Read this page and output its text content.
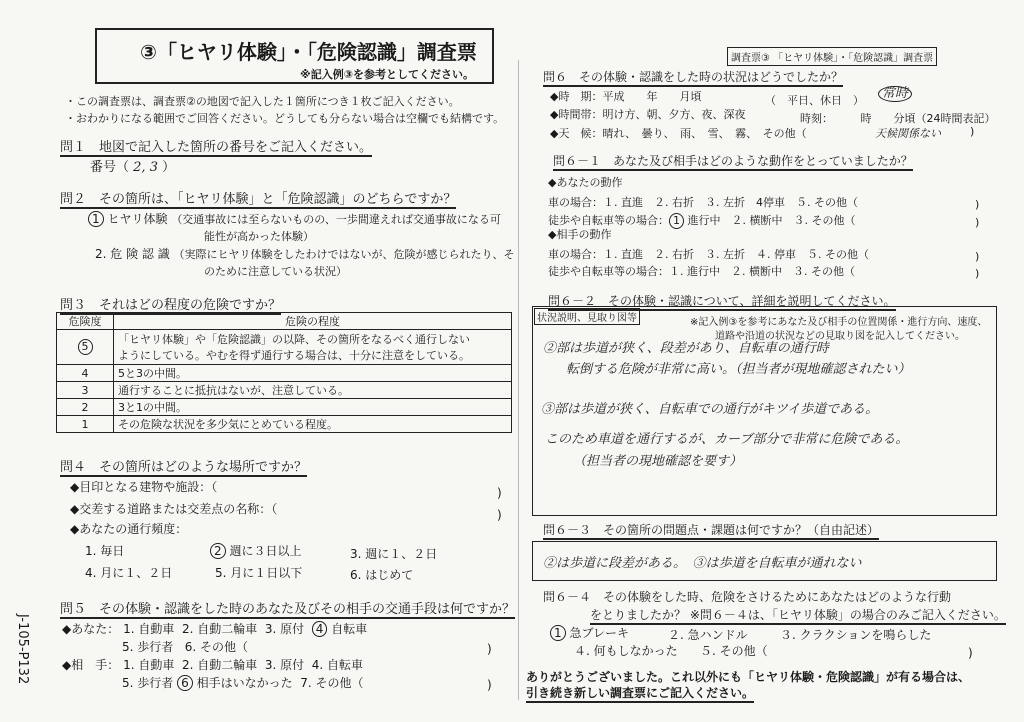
③「ヒヤリ体験」・「危険認識」調査票
※記入例③を参考としてください。
・この調査票は、調査票②の地図で記入した１箇所につき１枚ご記入ください。
・おわかりになる範囲でご回答ください。どうしても分らない場合は空欄でも結構です。
問１　地図で記入した箇所の番号をご記入ください。
番号（ 2, 3 ）
問２　その箇所は、「ヒヤリ体験」と「危険認識」のどちらですか？
1 ヒヤリ体験 （交通事故には至らないものの、一歩間違えれば交通事故になる可
能性が高かった体験）
2. 危 険 認 識 （実際にヒヤリ体験をしたわけではないが、危険が感じられたり、そ
のために注意している状況）
問３　それはどの程度の危険ですか？
危険度	危険の程度
5	「ヒヤリ体験」や「危険認識」の以降、その箇所をなるべく通行しない
ようにしている。やむを得ず通行する場合は、十分に注意をしている。

4	5と3の中間。
3	通行することに抵抗はないが、注意している。
2	3と1の中間。
1	その危険な状況を多少気にとめている程度。
問４　その箇所はどのような場所ですか？
◆目印となる建物や施設：（	)
◆交差する道路または交差点の名称：（	)
◆あなたの通行頻度：
1. 毎日	2 週に３日以上	3. 週に１、２日
4. 月に１、２日	5. 月に１日以下	6. はじめて
問５　その体験・認識をした時のあなた及びその相手の交通手段は何ですか？
◆あなた： 1. 自動車 2. 自動二輪車 3. 原付 4 自転車
5. 歩行者 6. その他（	)
◆相　手： 1. 自動車 2. 自動二輪車 3. 原付 4. 自転車
5. 歩行者 6 相手はいなかった 7. その他（	)
J-105-P132
調査票③ 「ヒヤリ体験」・「危険認識」調査票
問６　その体験・認識をした時の状況はどうでしたか？
◆時　期：平成　　年　　月頃	（　平日、休日　）	常時
◆時間帯：明け方、朝、夕方、夜、深夜	時刻：　　　時　　分頃（24時間表記）
◆天　候：晴れ、　曇り、　雨、　雪、　霧、　その他（	天候関係ない	)
問６－１　あなた及び相手はどのような動作をとっていましたか？
◆あなたの動作
車の場合：１. 直進　２. 右折　３. 左折　4停車　５. その他（	)
徒歩や自転車等の場合： 1 進行中　２. 横断中　３. その他（	)
◆相手の動作
車の場合：１. 直進　２. 右折　３. 左折　４. 停車　５. その他（	)
徒歩や自転車等の場合：１. 進行中　２. 横断中　３. その他（	)
問６－２　その体験・認識について、詳細を説明してください。
状況説明、見取り図等	※記入例③を参考にあなた及び相手の位置関係・進行方向、速度、
道路や沿道の状況などの見取り図を記入してください。
②部は歩道が狭く、段差があり、自転車の通行時
転倒する危険が非常に高い。（担当者が現地確認されたい）
③部は歩道が狭く、自転車での通行がキツイ歩道である。
このため車道を通行するが、カーブ部分で非常に危険である。
（担当者の現地確認を要す）
問６－３　その箇所の問題点・課題は何ですか？（自由記述）
②は歩道に段差がある。　③は歩道を自転車が通れない
問６－４　その体験をした時、危険をさけるためにあなたはどのような行動
をとりましたか？ ※問６－４は、「ヒヤリ体験」の場合のみご記入ください。
1 急ブレーキ	２. 急ハンドル	３. クラクションを鳴らした
４. 何もしなかった ５. その他（	)
ありがとうございました。これ以外にも「ヒヤリ体験・危険認識」が有る場合は、
引き続き新しい調査票にご記入ください。
